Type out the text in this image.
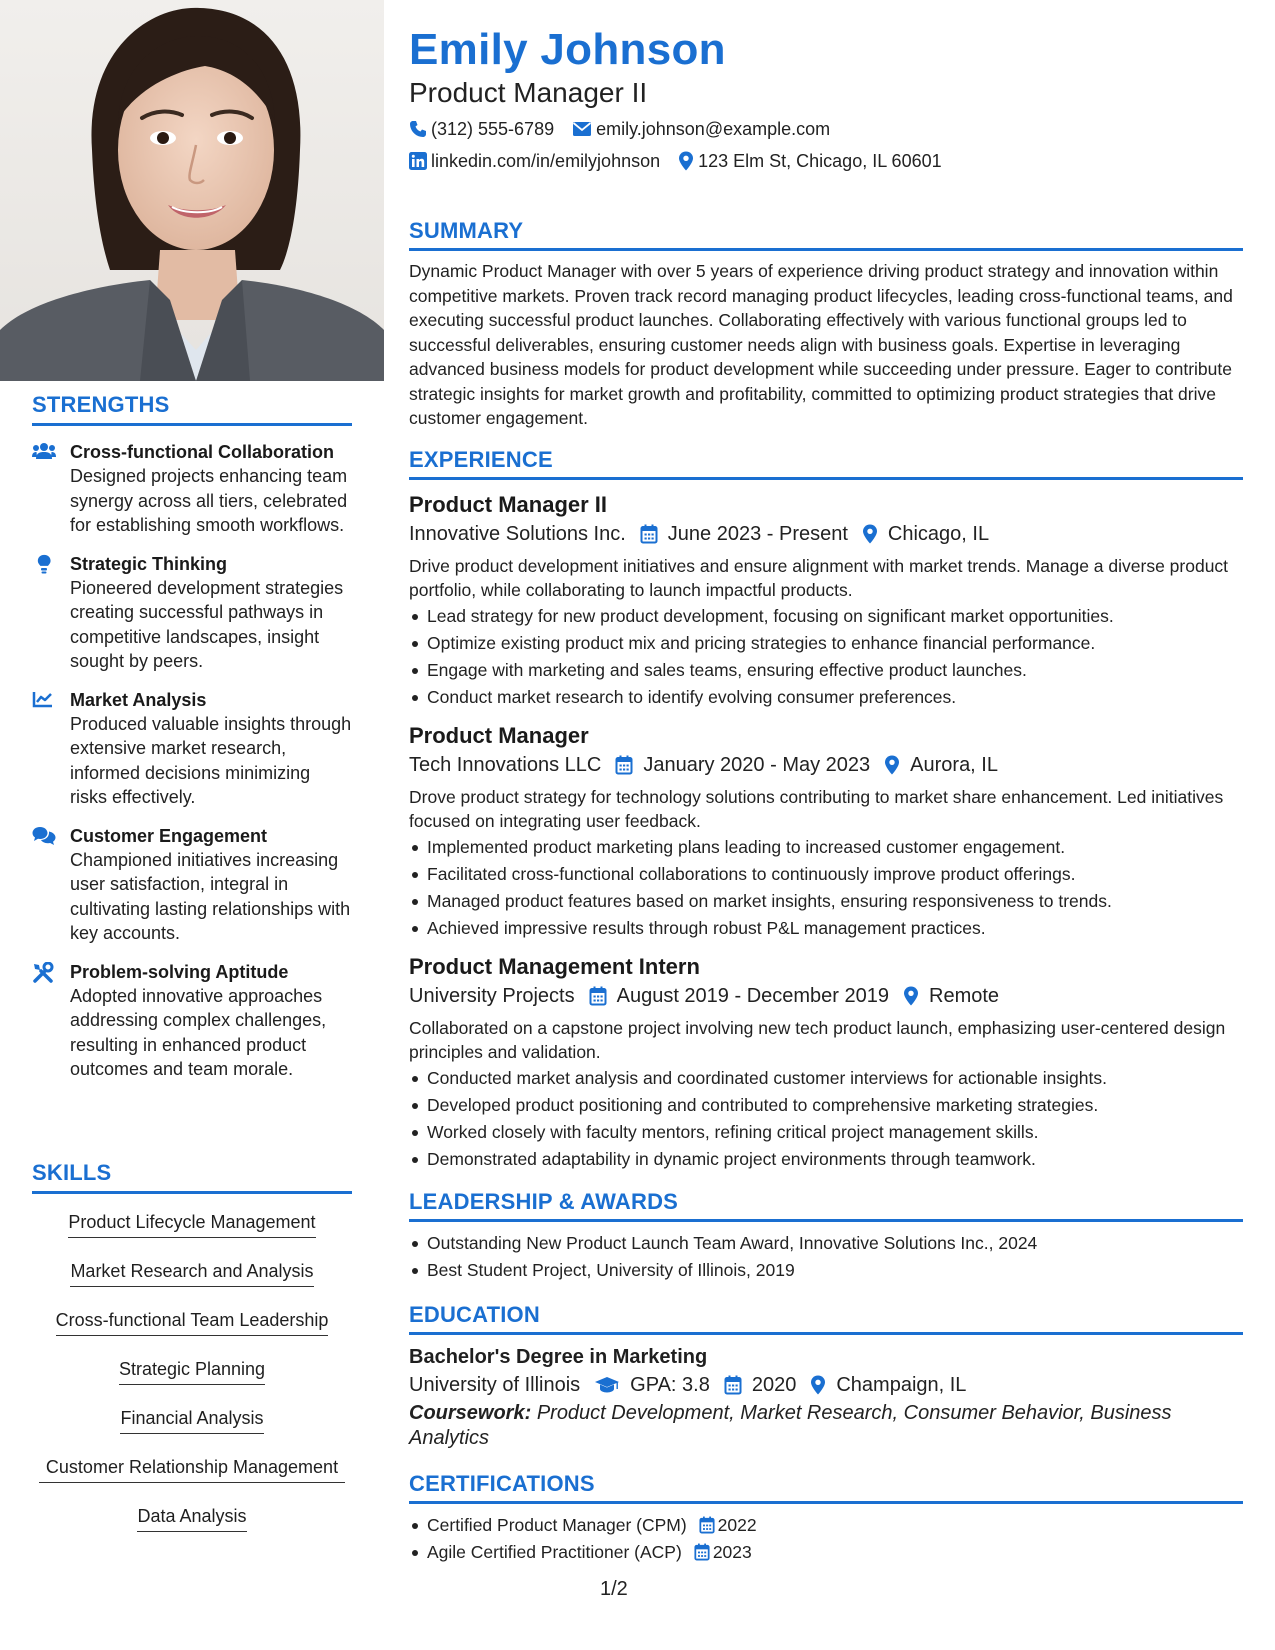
STRENGTHS
Cross-functional Collaboration
Designed projects enhancing team synergy across all tiers, celebrated for establishing smooth workflows.
Strategic Thinking
Pioneered development strategies creating successful pathways in competitive landscapes, insight sought by peers.
Market Analysis
Produced valuable insights through extensive market research, informed decisions minimizing risks effectively.
Customer Engagement
Championed initiatives increasing user satisfaction, integral in cultivating lasting relationships with key accounts.
Problem-solving Aptitude
Adopted innovative approaches addressing complex challenges, resulting in enhanced product outcomes and team morale.
SKILLS
Product Lifecycle Management
Market Research and Analysis
Cross-functional Team Leadership
Strategic Planning
Financial Analysis
Customer Relationship Management
Data Analysis
Emily Johnson
Product Manager II
(312) 555-6789 emily.johnson@example.com
linkedin.com/in/emilyjohnson 123 Elm St, Chicago, IL 60601
SUMMARY
Dynamic Product Manager with over 5 years of experience driving product strategy and innovation within competitive markets. Proven track record managing product lifecycles, leading cross-functional teams, and executing successful product launches. Collaborating effectively with various functional groups led to successful deliverables, ensuring customer needs align with business goals. Expertise in leveraging advanced business models for product development while succeeding under pressure. Eager to contribute strategic insights for market growth and profitability, committed to optimizing product strategies that drive customer engagement.
EXPERIENCE
Product Manager II
Innovative Solutions Inc. June 2023 - Present Chicago, IL
Drive product development initiatives and ensure alignment with market trends. Manage a diverse product portfolio, while collaborating to launch impactful products.
Lead strategy for new product development, focusing on significant market opportunities.
Optimize existing product mix and pricing strategies to enhance financial performance.
Engage with marketing and sales teams, ensuring effective product launches.
Conduct market research to identify evolving consumer preferences.
Product Manager
Tech Innovations LLC January 2020 - May 2023 Aurora, IL
Drove product strategy for technology solutions contributing to market share enhancement. Led initiatives focused on integrating user feedback.
Implemented product marketing plans leading to increased customer engagement.
Facilitated cross-functional collaborations to continuously improve product offerings.
Managed product features based on market insights, ensuring responsiveness to trends.
Achieved impressive results through robust P&L management practices.
Product Management Intern
University Projects August 2019 - December 2019 Remote
Collaborated on a capstone project involving new tech product launch, emphasizing user-centered design principles and validation.
Conducted market analysis and coordinated customer interviews for actionable insights.
Developed product positioning and contributed to comprehensive marketing strategies.
Worked closely with faculty mentors, refining critical project management skills.
Demonstrated adaptability in dynamic project environments through teamwork.
LEADERSHIP & AWARDS
Outstanding New Product Launch Team Award, Innovative Solutions Inc., 2024
Best Student Project, University of Illinois, 2019
EDUCATION
Bachelor's Degree in Marketing
University of Illinois	GPA: 3.8 2020 Champaign, IL
Coursework: Product Development, Market Research, Consumer Behavior, Business Analytics
CERTIFICATIONS
Certified Product Manager (CPM) 2022
Agile Certified Practitioner (ACP) 2023
1/2
